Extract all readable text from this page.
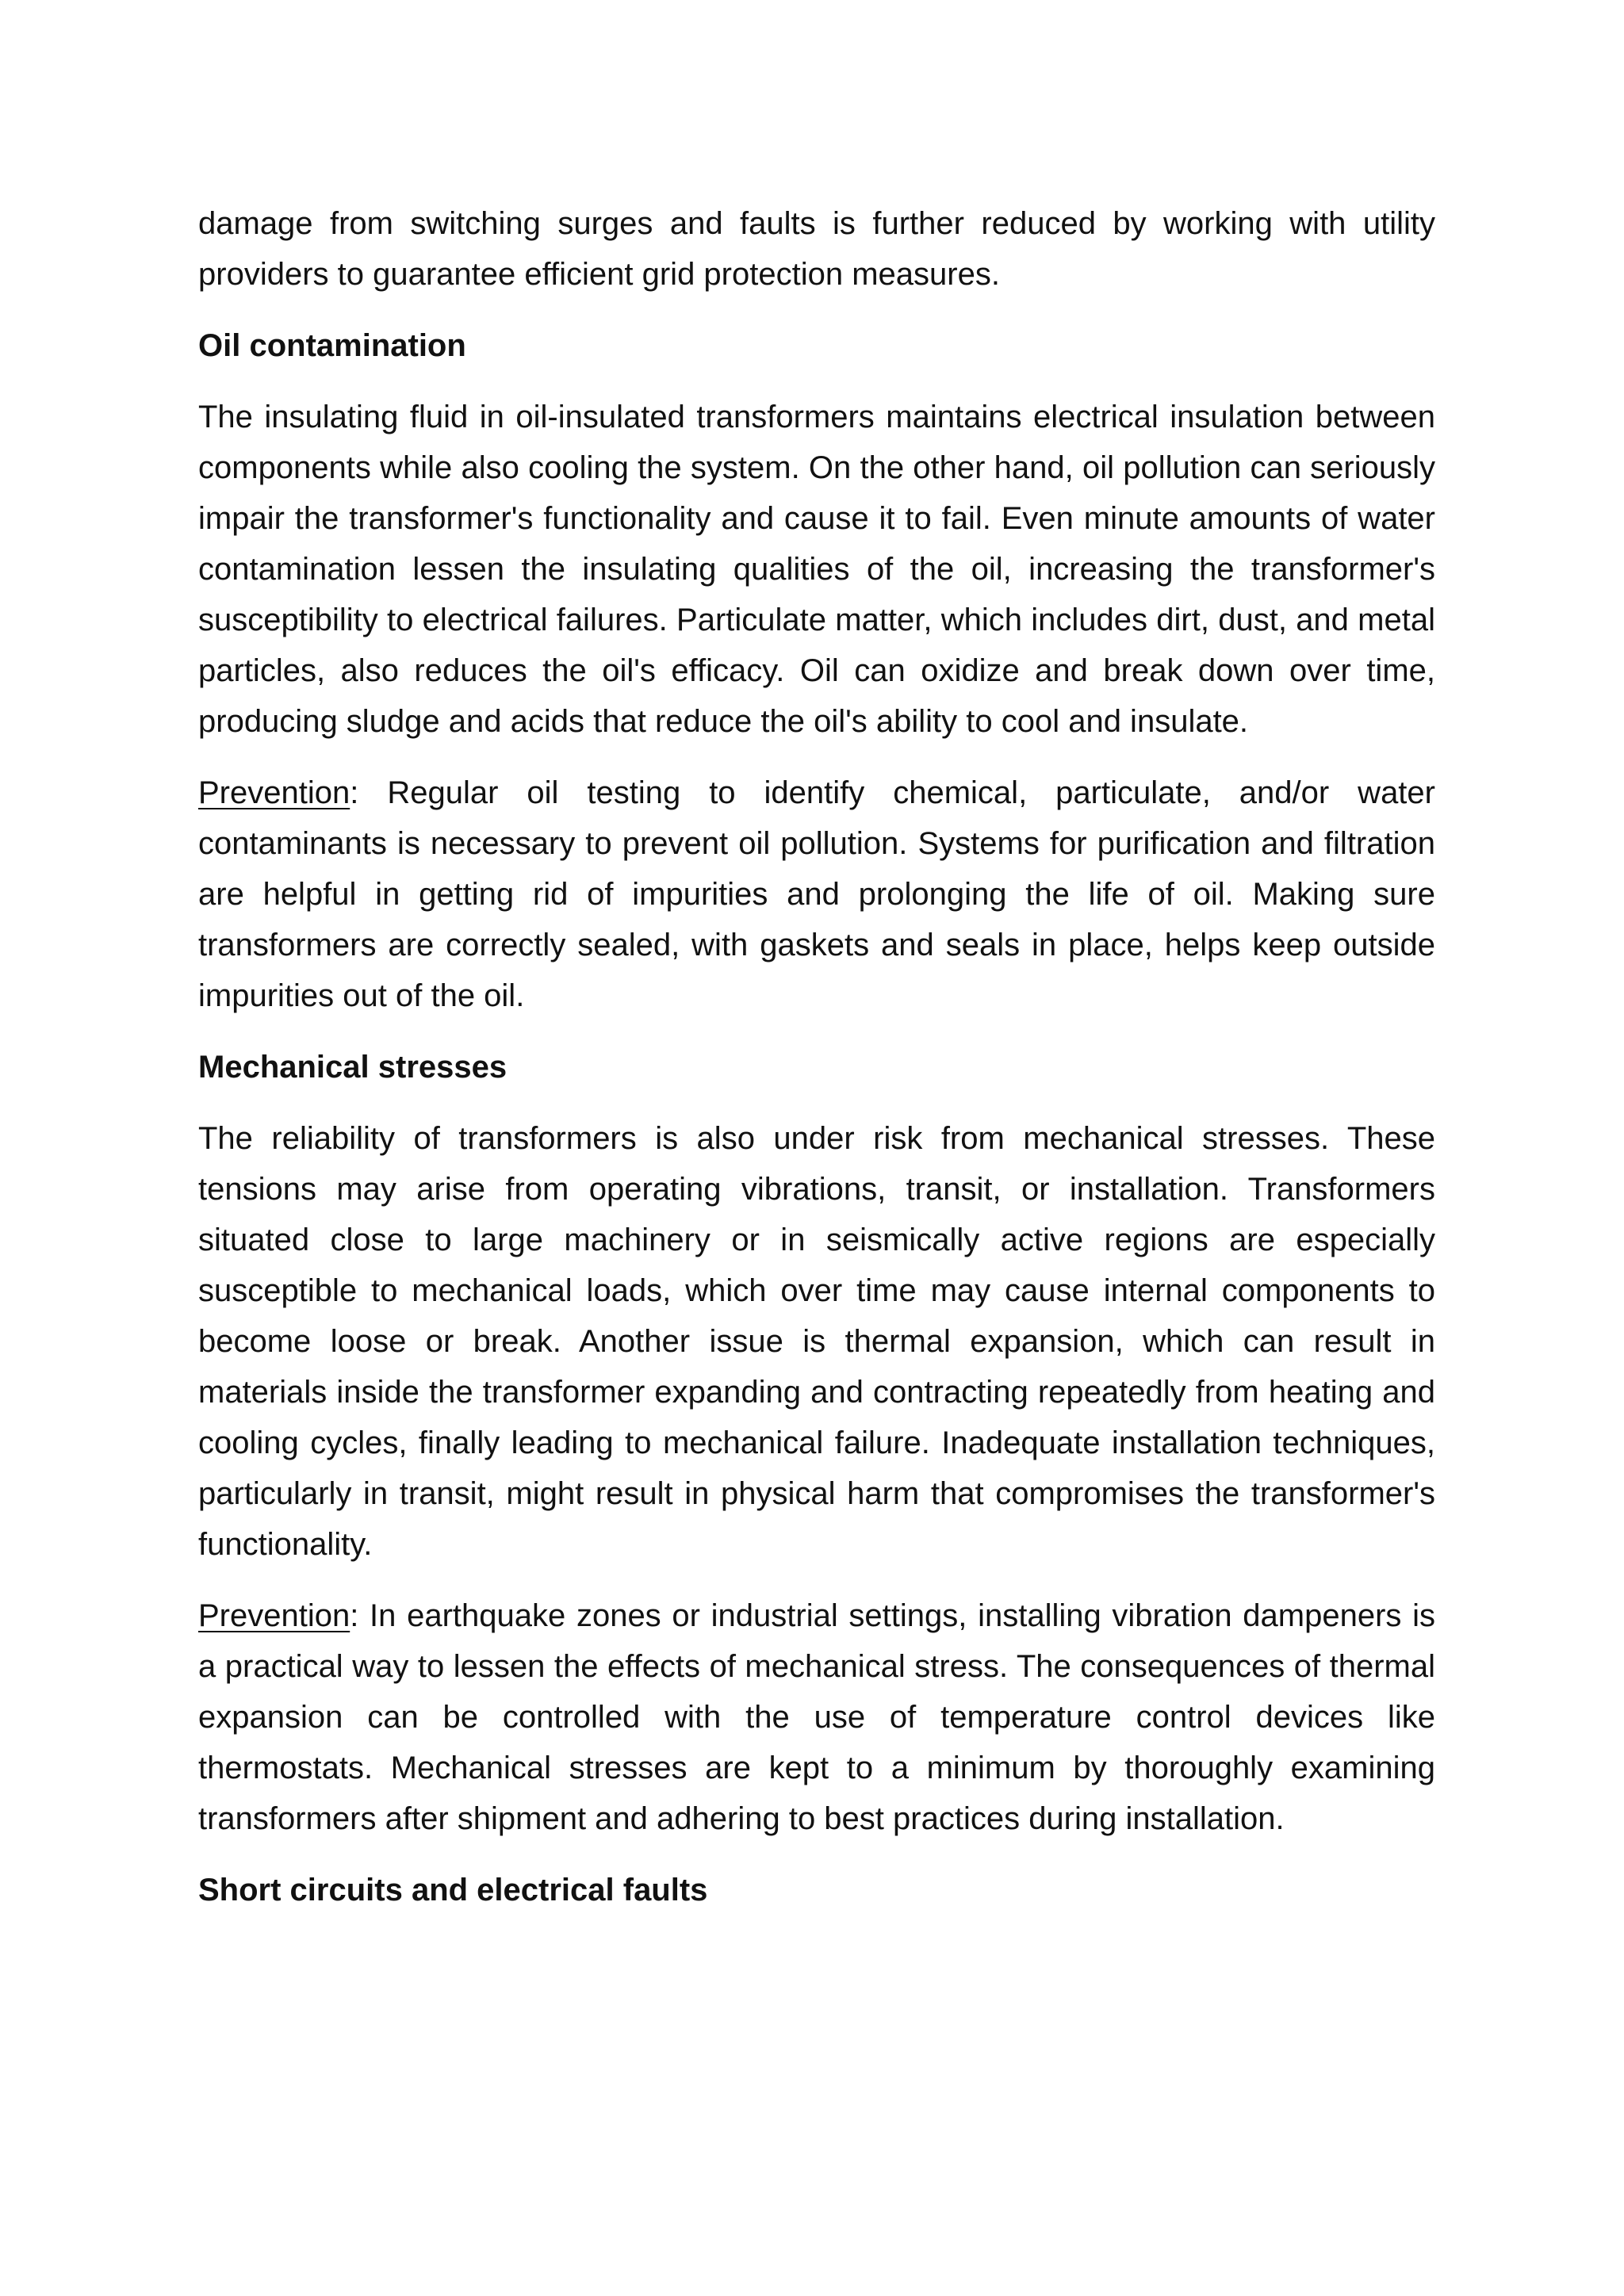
damage from switching surges and faults is further reduced by working with utility providers to guarantee efficient grid protection measures.

Oil contamination

The insulating fluid in oil-insulated transformers maintains electrical insulation between components while also cooling the system. On the other hand, oil pollution can seriously impair the transformer's functionality and cause it to fail. Even minute amounts of water contamination lessen the insulating qualities of the oil, increasing the transformer's susceptibility to electrical failures. Particulate matter, which includes dirt, dust, and metal particles, also reduces the oil's efficacy. Oil can oxidize and break down over time, producing sludge and acids that reduce the oil's ability to cool and insulate.

Prevention: Regular oil testing to identify chemical, particulate, and/or water contaminants is necessary to prevent oil pollution. Systems for purification and filtration are helpful in getting rid of impurities and prolonging the life of oil. Making sure transformers are correctly sealed, with gaskets and seals in place, helps keep outside impurities out of the oil.

Mechanical stresses

The reliability of transformers is also under risk from mechanical stresses. These tensions may arise from operating vibrations, transit, or installation. Transformers situated close to large machinery or in seismically active regions are especially susceptible to mechanical loads, which over time may cause internal components to become loose or break. Another issue is thermal expansion, which can result in materials inside the transformer expanding and contracting repeatedly from heating and cooling cycles, finally leading to mechanical failure. Inadequate installation techniques, particularly in transit, might result in physical harm that compromises the transformer's functionality.

Prevention: In earthquake zones or industrial settings, installing vibration dampeners is a practical way to lessen the effects of mechanical stress. The consequences of thermal expansion can be controlled with the use of temperature control devices like thermostats. Mechanical stresses are kept to a minimum by thoroughly examining transformers after shipment and adhering to best practices during installation.

Short circuits and electrical faults
